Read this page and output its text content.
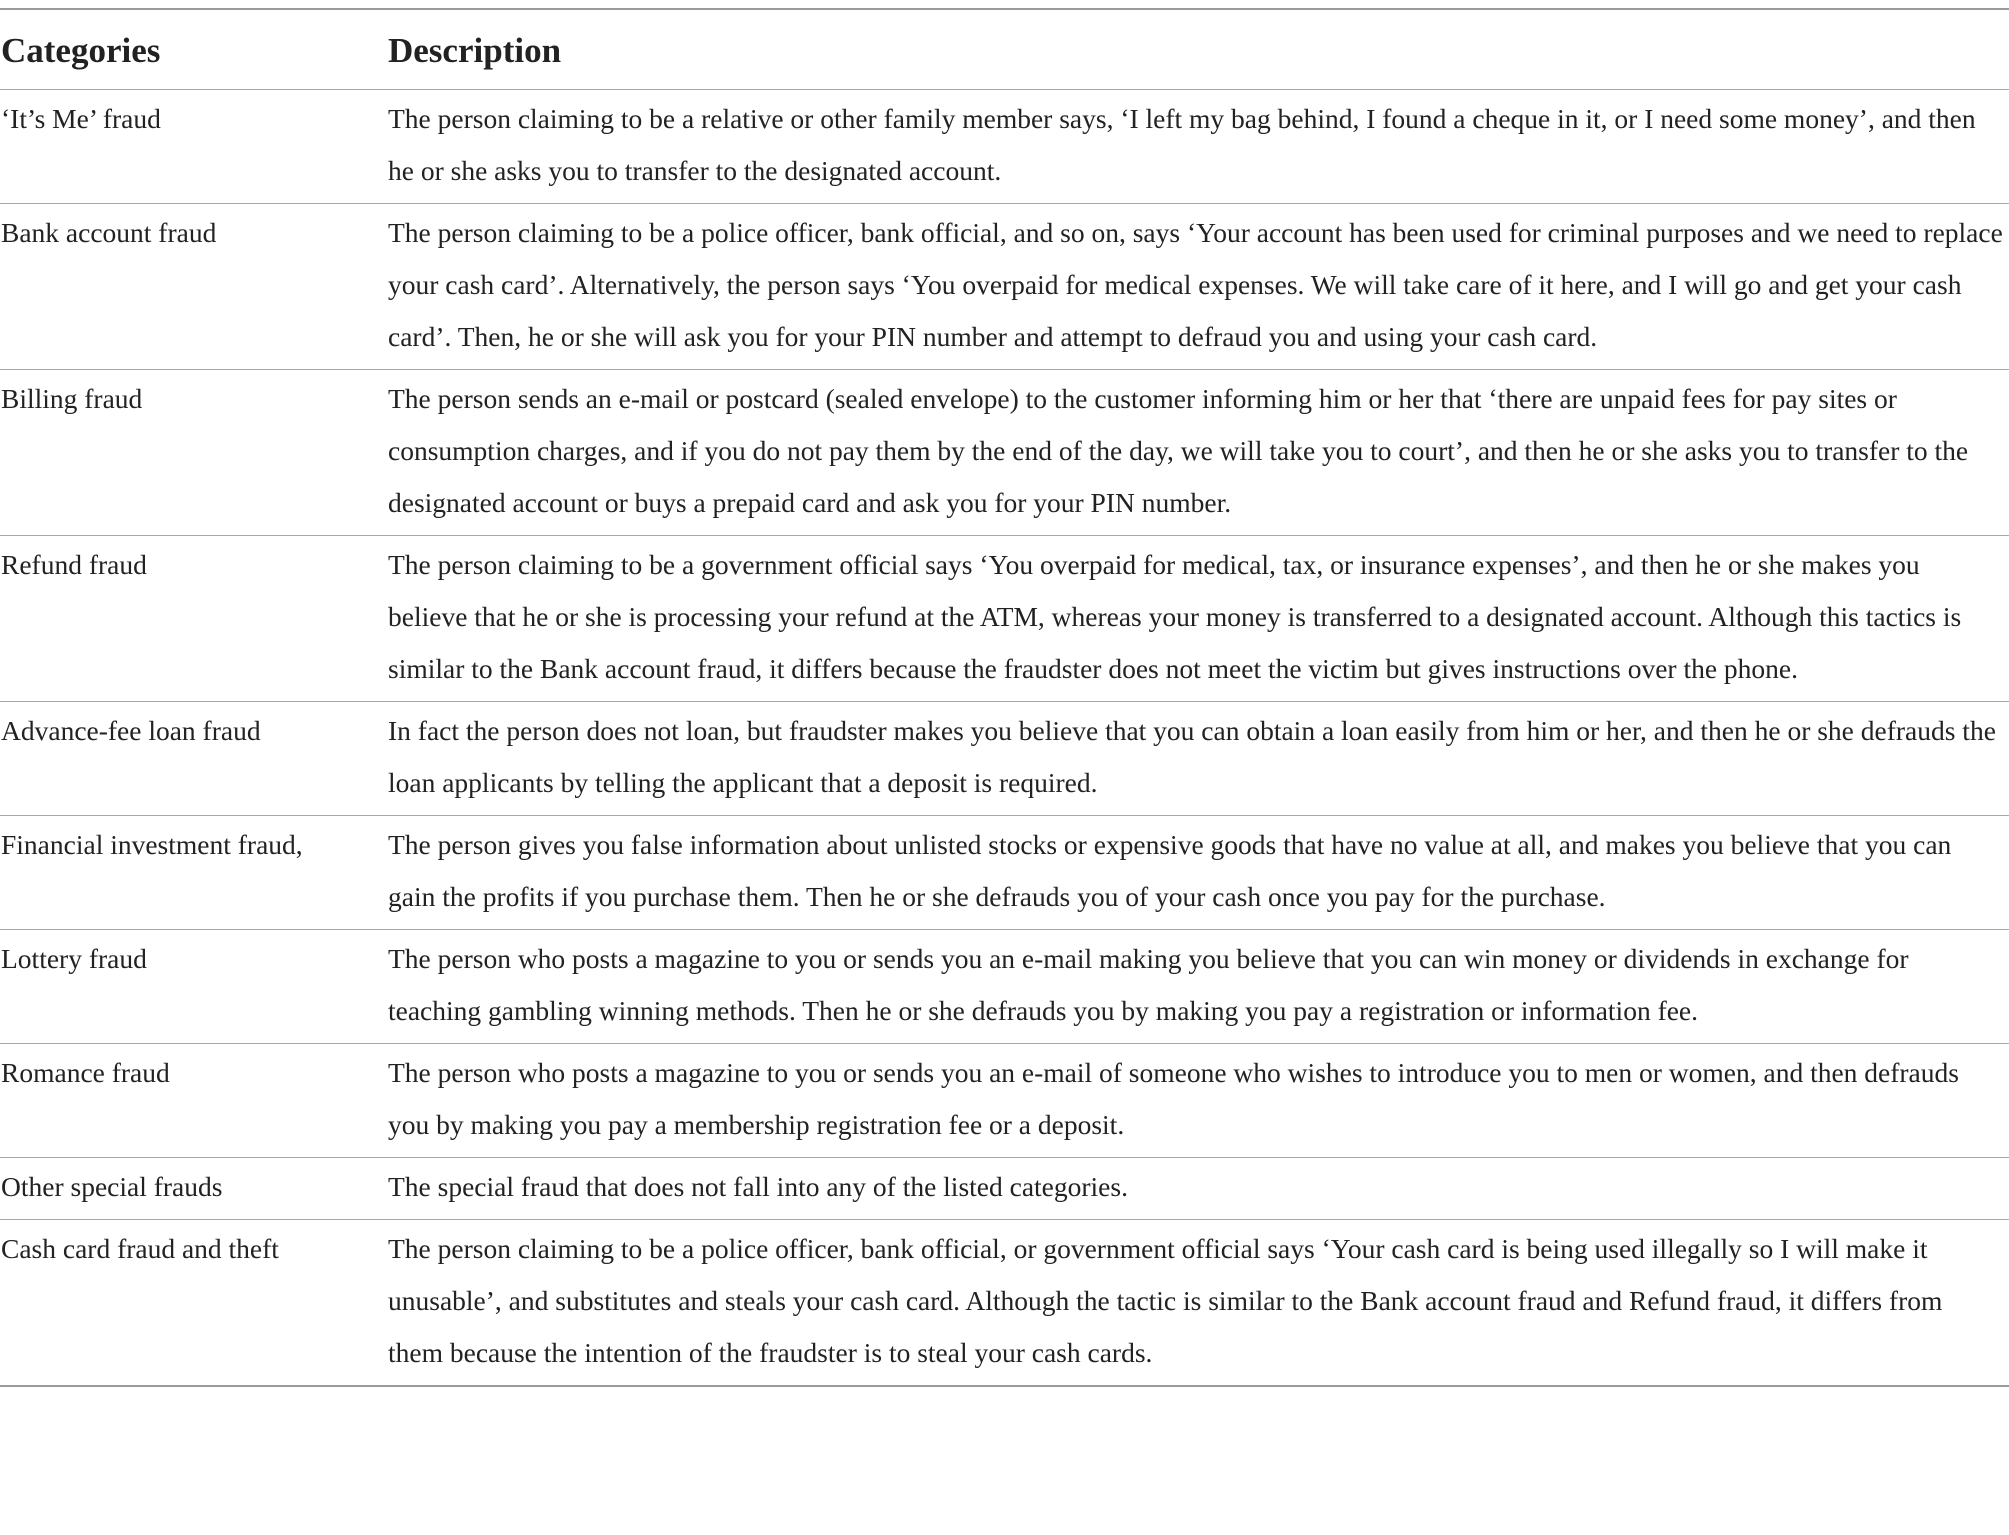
Categories	Description
‘It’s Me’ fraud	The person claiming to be a relative or other family member says, ‘I left my bag behind, I found a cheque in it, or I need some money’, and then he or she asks you to transfer to the designated account.
Bank account fraud	The person claiming to be a police officer, bank official, and so on, says ‘Your account has been used for criminal purposes and we need to replace your cash card’. Alternatively, the person says ‘You overpaid for medical expenses. We will take care of it here, and I will go and get your cash card’. Then, he or she will ask you for your PIN number and attempt to defraud you and using your cash card.
Billing fraud	The person sends an e-mail or postcard (sealed envelope) to the customer informing him or her that ‘there are unpaid fees for pay sites or consumption charges, and if you do not pay them by the end of the day, we will take you to court’, and then he or she asks you to transfer to the designated account or buys a prepaid card and ask you for your PIN number.
Refund fraud	The person claiming to be a government official says ‘You overpaid for medical, tax, or insurance expenses’, and then he or she makes you believe that he or she is processing your refund at the ATM, whereas your money is transferred to a designated account. Although this tactics is similar to the Bank account fraud, it differs because the fraudster does not meet the victim but gives instructions over the phone.
Advance-fee loan fraud	In fact the person does not loan, but fraudster makes you believe that you can obtain a loan easily from him or her, and then he or she defrauds the loan applicants by telling the applicant that a deposit is required.
Financial investment fraud,	The person gives you false information about unlisted stocks or expensive goods that have no value at all, and makes you believe that you can gain the profits if you purchase them. Then he or she defrauds you of your cash once you pay for the purchase.
Lottery fraud	The person who posts a magazine to you or sends you an e-mail making you believe that you can win money or dividends in exchange for teaching gambling winning methods. Then he or she defrauds you by making you pay a registration or information fee.
Romance fraud	The person who posts a magazine to you or sends you an e-mail of someone who wishes to introduce you to men or women, and then defrauds you by making you pay a membership registration fee or a deposit.
Other special frauds	The special fraud that does not fall into any of the listed categories.
Cash card fraud and theft	The person claiming to be a police officer, bank official, or government official says ‘Your cash card is being used illegally so I will make it unusable’, and substitutes and steals your cash card. Although the tactic is similar to the Bank account fraud and Refund fraud, it differs from them because the intention of the fraudster is to steal your cash cards.
